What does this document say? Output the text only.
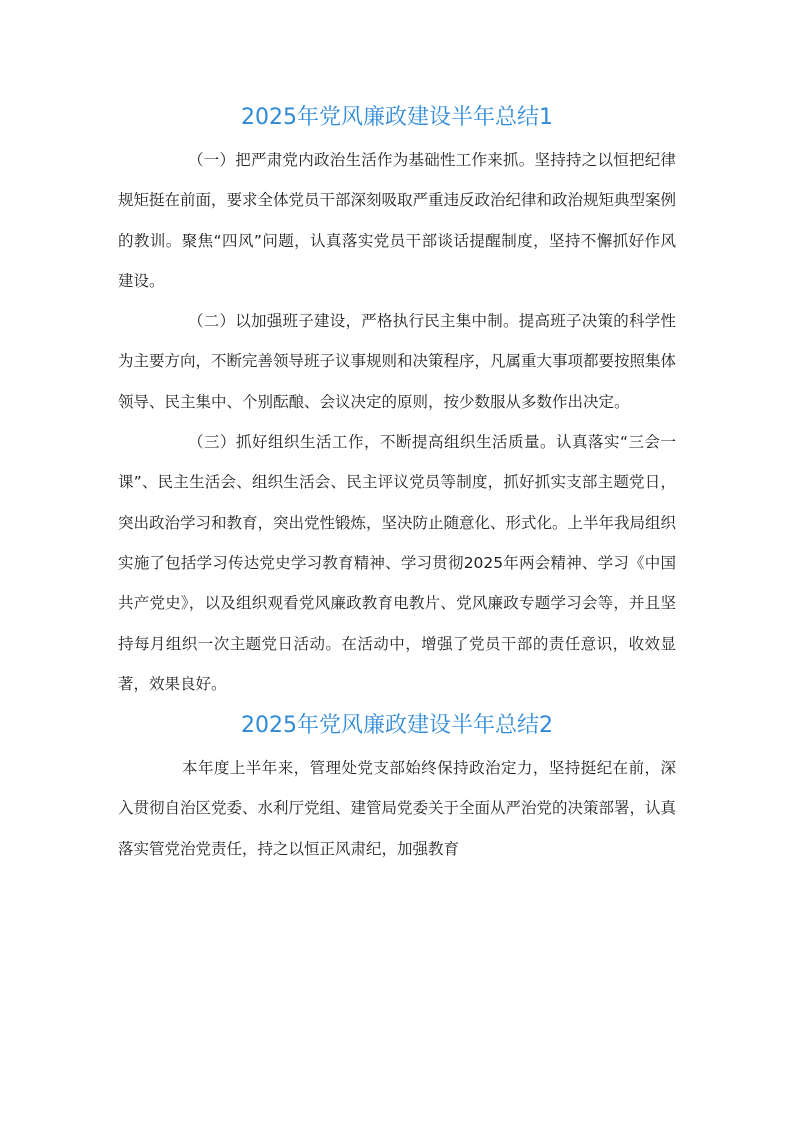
2025年党风廉政建设半年总结1

（一）把严肃党内政治生活作为基础性工作来抓。坚持持之以恒把纪律规矩挺在前面，要求全体党员干部深刻吸取严重违反政治纪律和政治规矩典型案例的教训。聚焦“四风”问题，认真落实党员干部谈话提醒制度，坚持不懈抓好作风建设。

（二）以加强班子建设，严格执行民主集中制。提高班子决策的科学性为主要方向，不断完善领导班子议事规则和决策程序，凡属重大事项都要按照集体领导、民主集中、个别酝酿、会议决定的原则，按少数服从多数作出决定。

（三）抓好组织生活工作，不断提高组织生活质量。认真落实“三会一课”、民主生活会、组织生活会、民主评议党员等制度，抓好抓实支部主题党日，突出政治学习和教育，突出党性锻炼，坚决防止随意化、形式化。上半年我局组织实施了包括学习传达党史学习教育精神、学习贯彻2025年两会精神、学习《中国共产党史》，以及组织观看党风廉政教育电教片、党风廉政专题学习会等，并且坚持每月组织一次主题党日活动。在活动中，增强了党员干部的责任意识，收效显著，效果良好。

2025年党风廉政建设半年总结2

本年度上半年来，管理处党支部始终保持政治定力，坚持挺纪在前，深入贯彻自治区党委、水利厅党组、建管局党委关于全面从严治党的决策部署，认真落实管党治党责任，持之以恒正风肃纪，加强教育
